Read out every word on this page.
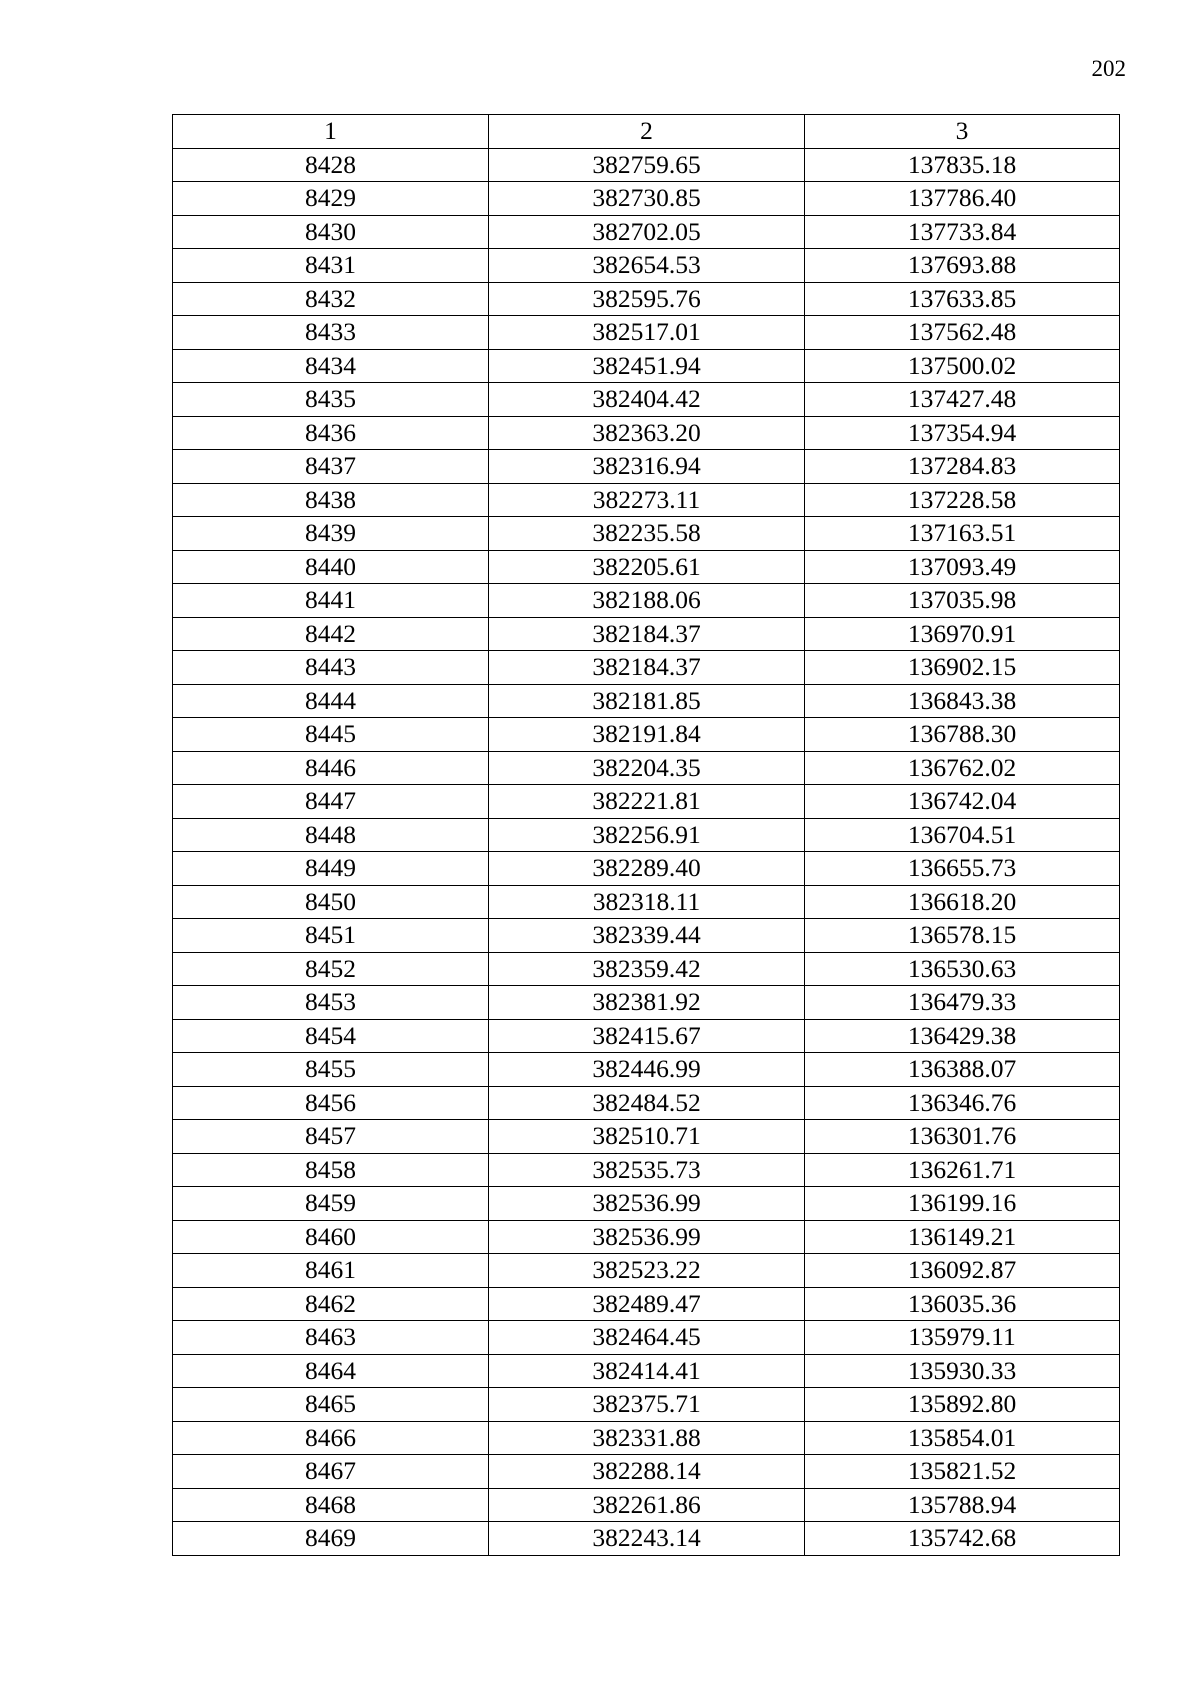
202
1	2	3
8428	382759.65	137835.18
8429	382730.85	137786.40
8430	382702.05	137733.84
8431	382654.53	137693.88
8432	382595.76	137633.85
8433	382517.01	137562.48
8434	382451.94	137500.02
8435	382404.42	137427.48
8436	382363.20	137354.94
8437	382316.94	137284.83
8438	382273.11	137228.58
8439	382235.58	137163.51
8440	382205.61	137093.49
8441	382188.06	137035.98
8442	382184.37	136970.91
8443	382184.37	136902.15
8444	382181.85	136843.38
8445	382191.84	136788.30
8446	382204.35	136762.02
8447	382221.81	136742.04
8448	382256.91	136704.51
8449	382289.40	136655.73
8450	382318.11	136618.20
8451	382339.44	136578.15
8452	382359.42	136530.63
8453	382381.92	136479.33
8454	382415.67	136429.38
8455	382446.99	136388.07
8456	382484.52	136346.76
8457	382510.71	136301.76
8458	382535.73	136261.71
8459	382536.99	136199.16
8460	382536.99	136149.21
8461	382523.22	136092.87
8462	382489.47	136035.36
8463	382464.45	135979.11
8464	382414.41	135930.33
8465	382375.71	135892.80
8466	382331.88	135854.01
8467	382288.14	135821.52
8468	382261.86	135788.94
8469	382243.14	135742.68
